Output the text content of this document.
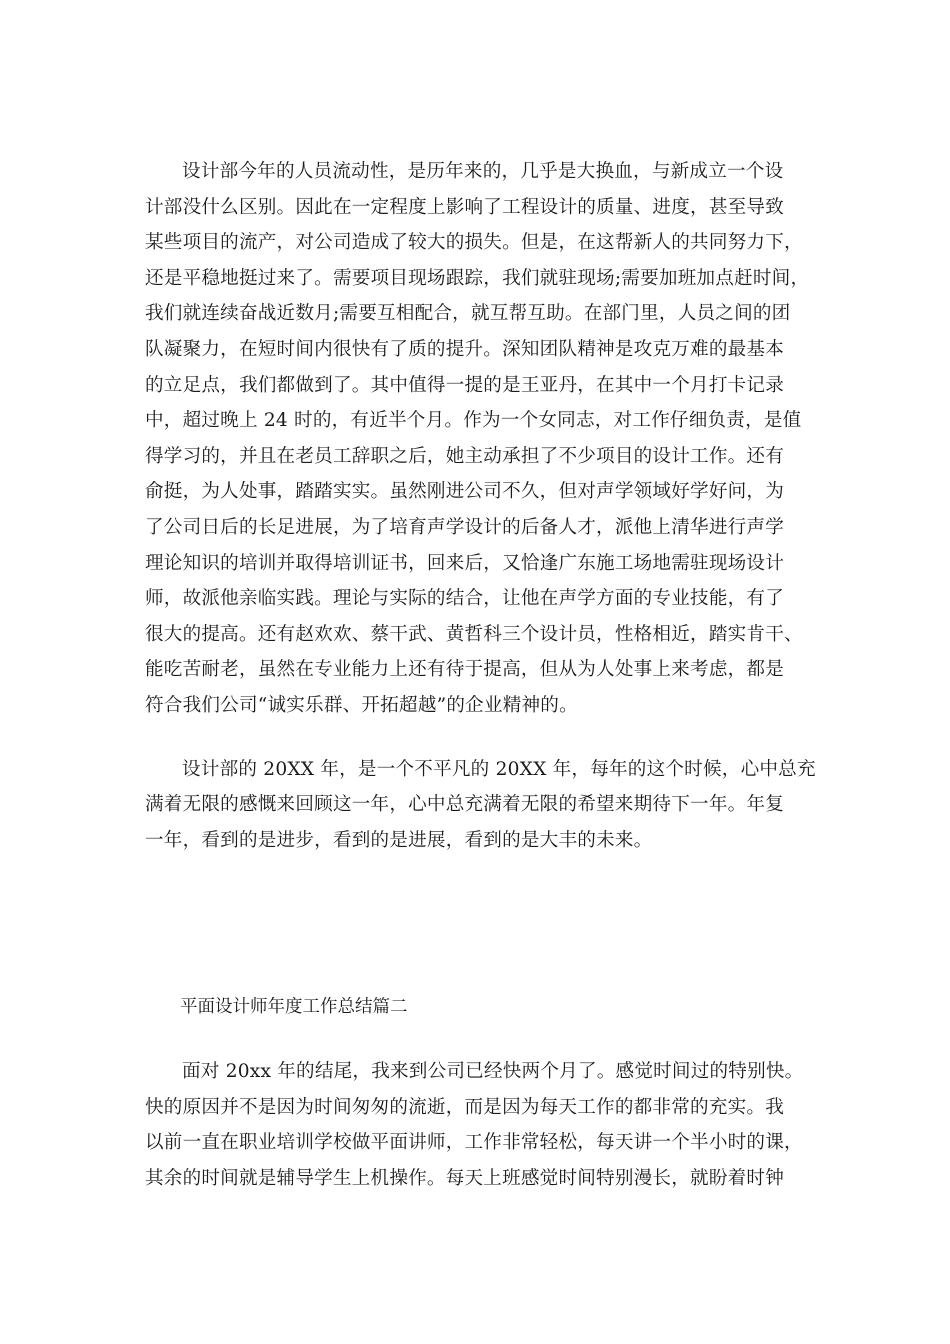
设计部今年的人员流动性，是历年来的，几乎是大换血，与新成立一个设
计部没什么区别。因此在一定程度上影响了工程设计的质量、进度，甚至导致
某些项目的流产，对公司造成了较大的损失。但是，在这帮新人的共同努力下，
还是平稳地挺过来了。需要项目现场跟踪，我们就驻现场;需要加班加点赶时间，
我们就连续奋战近数月;需要互相配合，就互帮互助。在部门里，人员之间的团
队凝聚力，在短时间内很快有了质的提升。深知团队精神是攻克万难的最基本
的立足点，我们都做到了。其中值得一提的是王亚丹，在其中一个月打卡记录
中，超过晚上 24 时的，有近半个月。作为一个女同志，对工作仔细负责，是值
得学习的，并且在老员工辞职之后，她主动承担了不少项目的设计工作。还有
俞挺，为人处事，踏踏实实。虽然刚进公司不久，但对声学领域好学好问，为
了公司日后的长足进展，为了培育声学设计的后备人才，派他上清华进行声学
理论知识的培训并取得培训证书，回来后，又恰逢广东施工场地需驻现场设计
师，故派他亲临实践。理论与实际的结合，让他在声学方面的专业技能，有了
很大的提高。还有赵欢欢、蔡干武、黄哲科三个设计员，性格相近，踏实肯干、
能吃苦耐老，虽然在专业能力上还有待于提高，但从为人处事上来考虑，都是
符合我们公司“诚实乐群、开拓超越”的企业精神的。
设计部的 20XX 年，是一个不平凡的 20XX 年，每年的这个时候，心中总充
满着无限的感慨来回顾这一年，心中总充满着无限的希望来期待下一年。年复
一年，看到的是进步，看到的是进展，看到的是大丰的未来。
平面设计师年度工作总结篇二
面对 20xx 年的结尾，我来到公司已经快两个月了。感觉时间过的特别快。
快的原因并不是因为时间匆匆的流逝，而是因为每天工作的都非常的充实。我
以前一直在职业培训学校做平面讲师，工作非常轻松，每天讲一个半小时的课，
其余的时间就是辅导学生上机操作。每天上班感觉时间特别漫长，就盼着时钟
